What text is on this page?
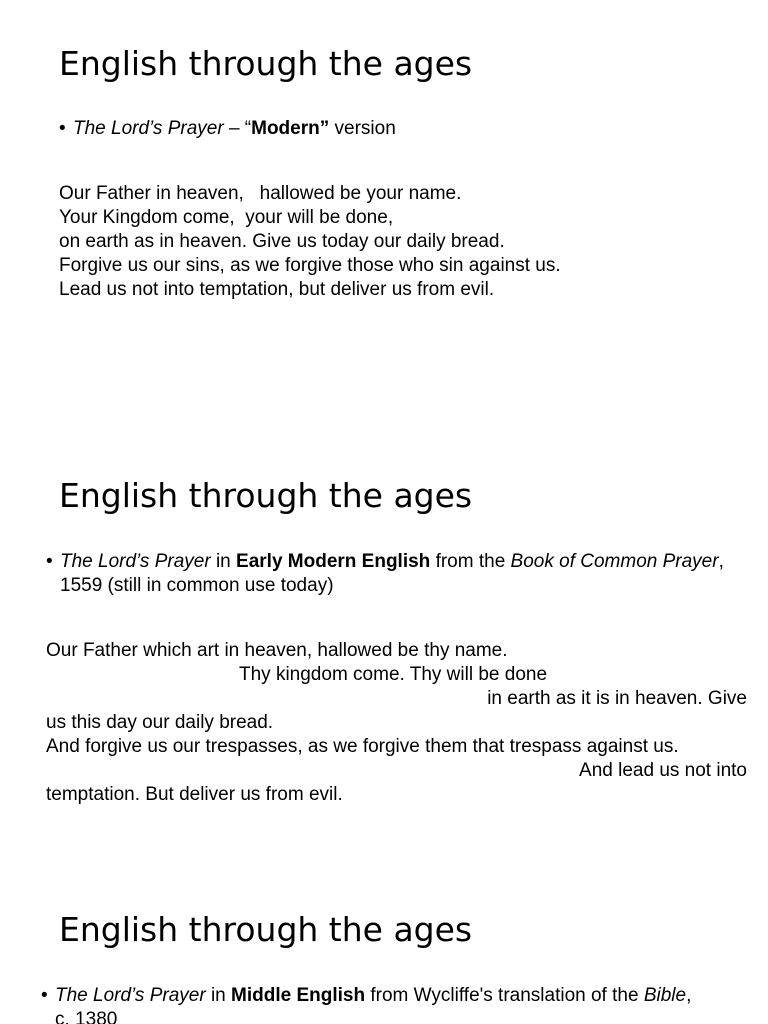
English through the ages
• The Lord’s Prayer – “Modern” version
Our Father in heaven,   hallowed be your name.
Your Kingdom come,  your will be done,
on earth as in heaven. Give us today our daily bread.
Forgive us our sins, as we forgive those who sin against us.
Lead us not into temptation, but deliver us from evil.
English through the ages
• The Lord’s Prayer in Early Modern English from the Book of Common Prayer,
1559 (still in common use today)
Our Father which art in heaven, hallowed be thy name.
Thy kingdom come. Thy will be done
in earth as it is in heaven. Give
us this day our daily bread.
And forgive us our trespasses, as we forgive them that trespass against us.
And lead us not into
temptation. But deliver us from evil.
English through the ages
• The Lord’s Prayer in Middle English from Wycliffe's translation of the Bible,
c. 1380
